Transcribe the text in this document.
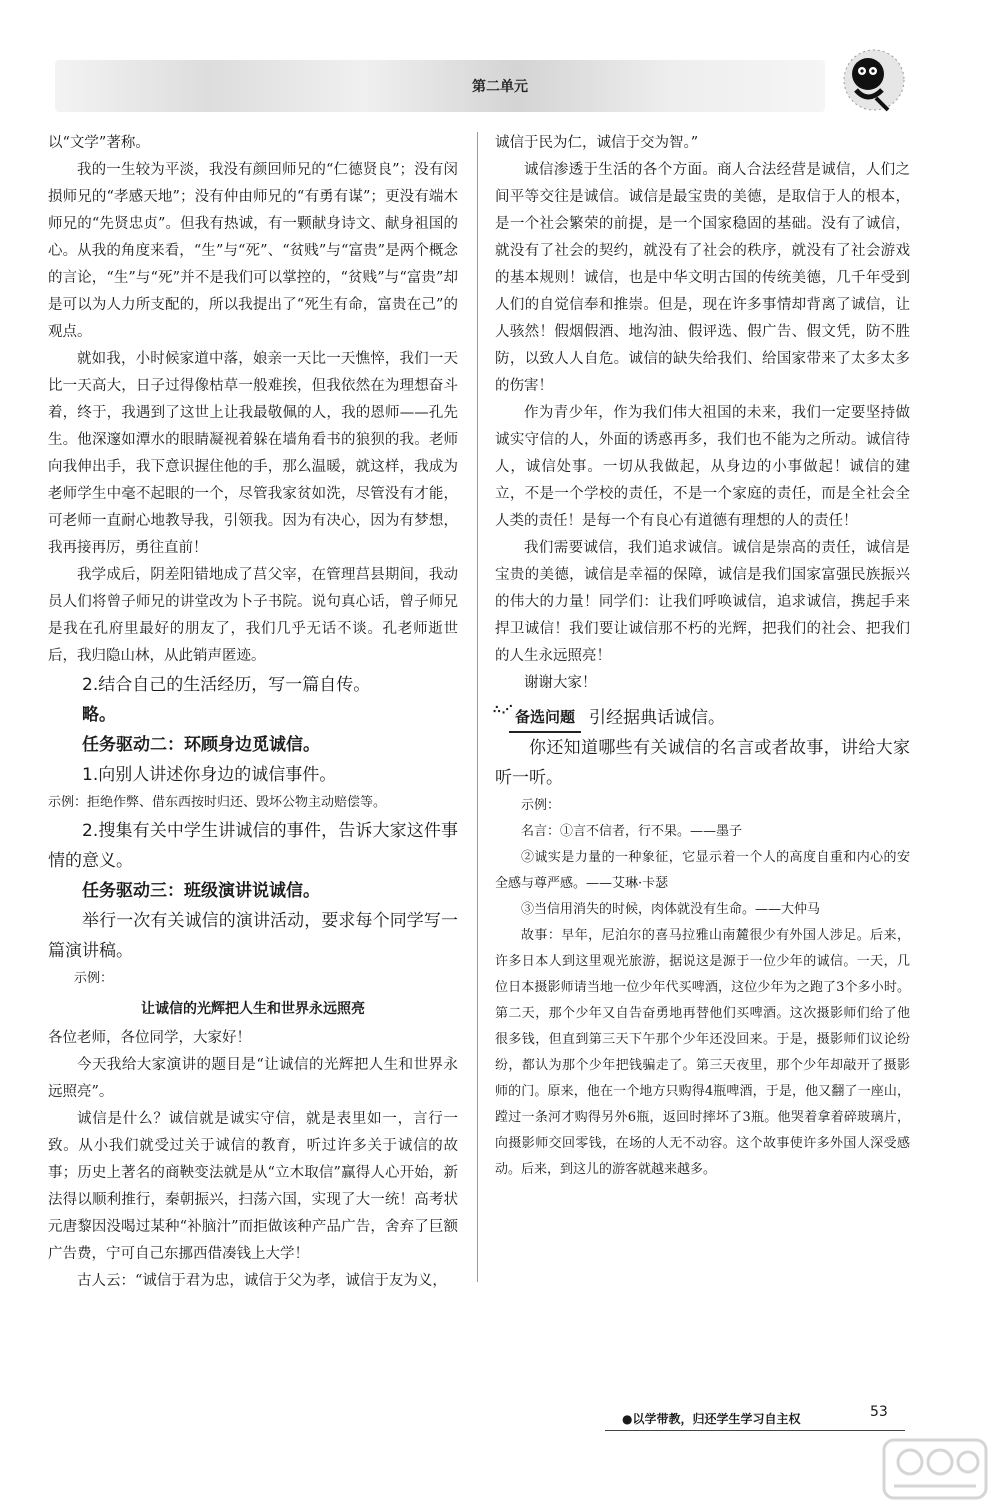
第二单元

以“文学”著称。

我的一生较为平淡，我没有颜回师兄的“仁德贤良”；没有闵损师兄的“孝感天地”；没有仲由师兄的“有勇有谋”；更没有端木师兄的“先贤忠贞”。但我有热诚，有一颗献身诗文、献身祖国的心。从我的角度来看，“生”与“死”、“贫贱”与“富贵”是两个概念的言论，“生”与“死”并不是我们可以掌控的，“贫贱”与“富贵”却是可以为人力所支配的，所以我提出了“死生有命，富贵在己”的观点。

就如我，小时候家道中落，娘亲一天比一天憔悴，我们一天比一天高大，日子过得像枯草一般难挨，但我依然在为理想奋斗着，终于，我遇到了这世上让我最敬佩的人，我的恩师——孔先生。他深邃如潭水的眼睛凝视着躲在墙角看书的狼狈的我。老师向我伸出手，我下意识握住他的手，那么温暖，就这样，我成为老师学生中毫不起眼的一个，尽管我家贫如洗，尽管没有才能，可老师一直耐心地教导我，引领我。因为有决心，因为有梦想，我再接再厉，勇往直前！

我学成后，阴差阳错地成了莒父宰，在管理莒县期间，我动员人们将曾子师兄的讲堂改为卜子书院。说句真心话，曾子师兄是我在孔府里最好的朋友了，我们几乎无话不谈。孔老师逝世后，我归隐山林，从此销声匿迹。

2.结合自己的生活经历，写一篇自传。

略。

任务驱动二：环顾身边觅诚信。

1.向别人讲述你身边的诚信事件。

示例：拒绝作弊、借东西按时归还、毁坏公物主动赔偿等。

2.搜集有关中学生讲诚信的事件，告诉大家这件事情的意义。

任务驱动三：班级演讲说诚信。

举行一次有关诚信的演讲活动，要求每个同学写一篇演讲稿。

示例：

让诚信的光辉把人生和世界永远照亮

各位老师，各位同学，大家好！

今天我给大家演讲的题目是“让诚信的光辉把人生和世界永远照亮”。

诚信是什么？诚信就是诚实守信，就是表里如一，言行一致。从小我们就受过关于诚信的教育，听过许多关于诚信的故事；历史上著名的商鞅变法就是从“立木取信”赢得人心开始，新法得以顺利推行，秦朝振兴，扫荡六国，实现了大一统！高考状元唐黎因没喝过某种“补脑汁”而拒做该种产品广告，舍弃了巨额广告费，宁可自己东挪西借凑钱上大学！

古人云：“诚信于君为忠，诚信于父为孝，诚信于友为义，

诚信于民为仁，诚信于交为智。”

诚信渗透于生活的各个方面。商人合法经营是诚信，人们之间平等交往是诚信。诚信是最宝贵的美德，是取信于人的根本，是一个社会繁荣的前提，是一个国家稳固的基础。没有了诚信，就没有了社会的契约，就没有了社会的秩序，就没有了社会游戏的基本规则！诚信，也是中华文明古国的传统美德，几千年受到人们的自觉信奉和推崇。但是，现在许多事情却背离了诚信，让人骇然！假烟假酒、地沟油、假评选、假广告、假文凭，防不胜防，以致人人自危。诚信的缺失给我们、给国家带来了太多太多的伤害！

作为青少年，作为我们伟大祖国的未来，我们一定要坚持做诚实守信的人，外面的诱惑再多，我们也不能为之所动。诚信待人，诚信处事。一切从我做起，从身边的小事做起！诚信的建立，不是一个学校的责任，不是一个家庭的责任，而是全社会全人类的责任！是每一个有良心有道德有理想的人的责任！

我们需要诚信，我们追求诚信。诚信是崇高的责任，诚信是宝贵的美德，诚信是幸福的保障，诚信是我们国家富强民族振兴的伟大的力量！同学们：让我们呼唤诚信，追求诚信，携起手来捍卫诚信！我们要让诚信那不朽的光辉，把我们的社会、把我们的人生永远照亮！

谢谢大家！

∴⋰ 备选问题 引经据典话诚信。

你还知道哪些有关诚信的名言或者故事，讲给大家听一听。

示例：

名言：①言不信者，行不果。——墨子

②诚实是力量的一种象征，它显示着一个人的高度自重和内心的安全感与尊严感。——艾琳·卡瑟

③当信用消失的时候，肉体就没有生命。——大仲马

故事：早年，尼泊尔的喜马拉雅山南麓很少有外国人涉足。后来，许多日本人到这里观光旅游，据说这是源于一位少年的诚信。一天，几位日本摄影师请当地一位少年代买啤酒，这位少年为之跑了3个多小时。第二天，那个少年又自告奋勇地再替他们买啤酒。这次摄影师们给了他很多钱，但直到第三天下午那个少年还没回来。于是，摄影师们议论纷纷，都认为那个少年把钱骗走了。第三天夜里，那个少年却敲开了摄影师的门。原来，他在一个地方只购得4瓶啤酒，于是，他又翻了一座山，蹚过一条河才购得另外6瓶，返回时摔坏了3瓶。他哭着拿着碎玻璃片，向摄影师交回零钱，在场的人无不动容。这个故事使许多外国人深受感动。后来，到这儿的游客就越来越多。

●以学带教，归还学生学习自主权	53
